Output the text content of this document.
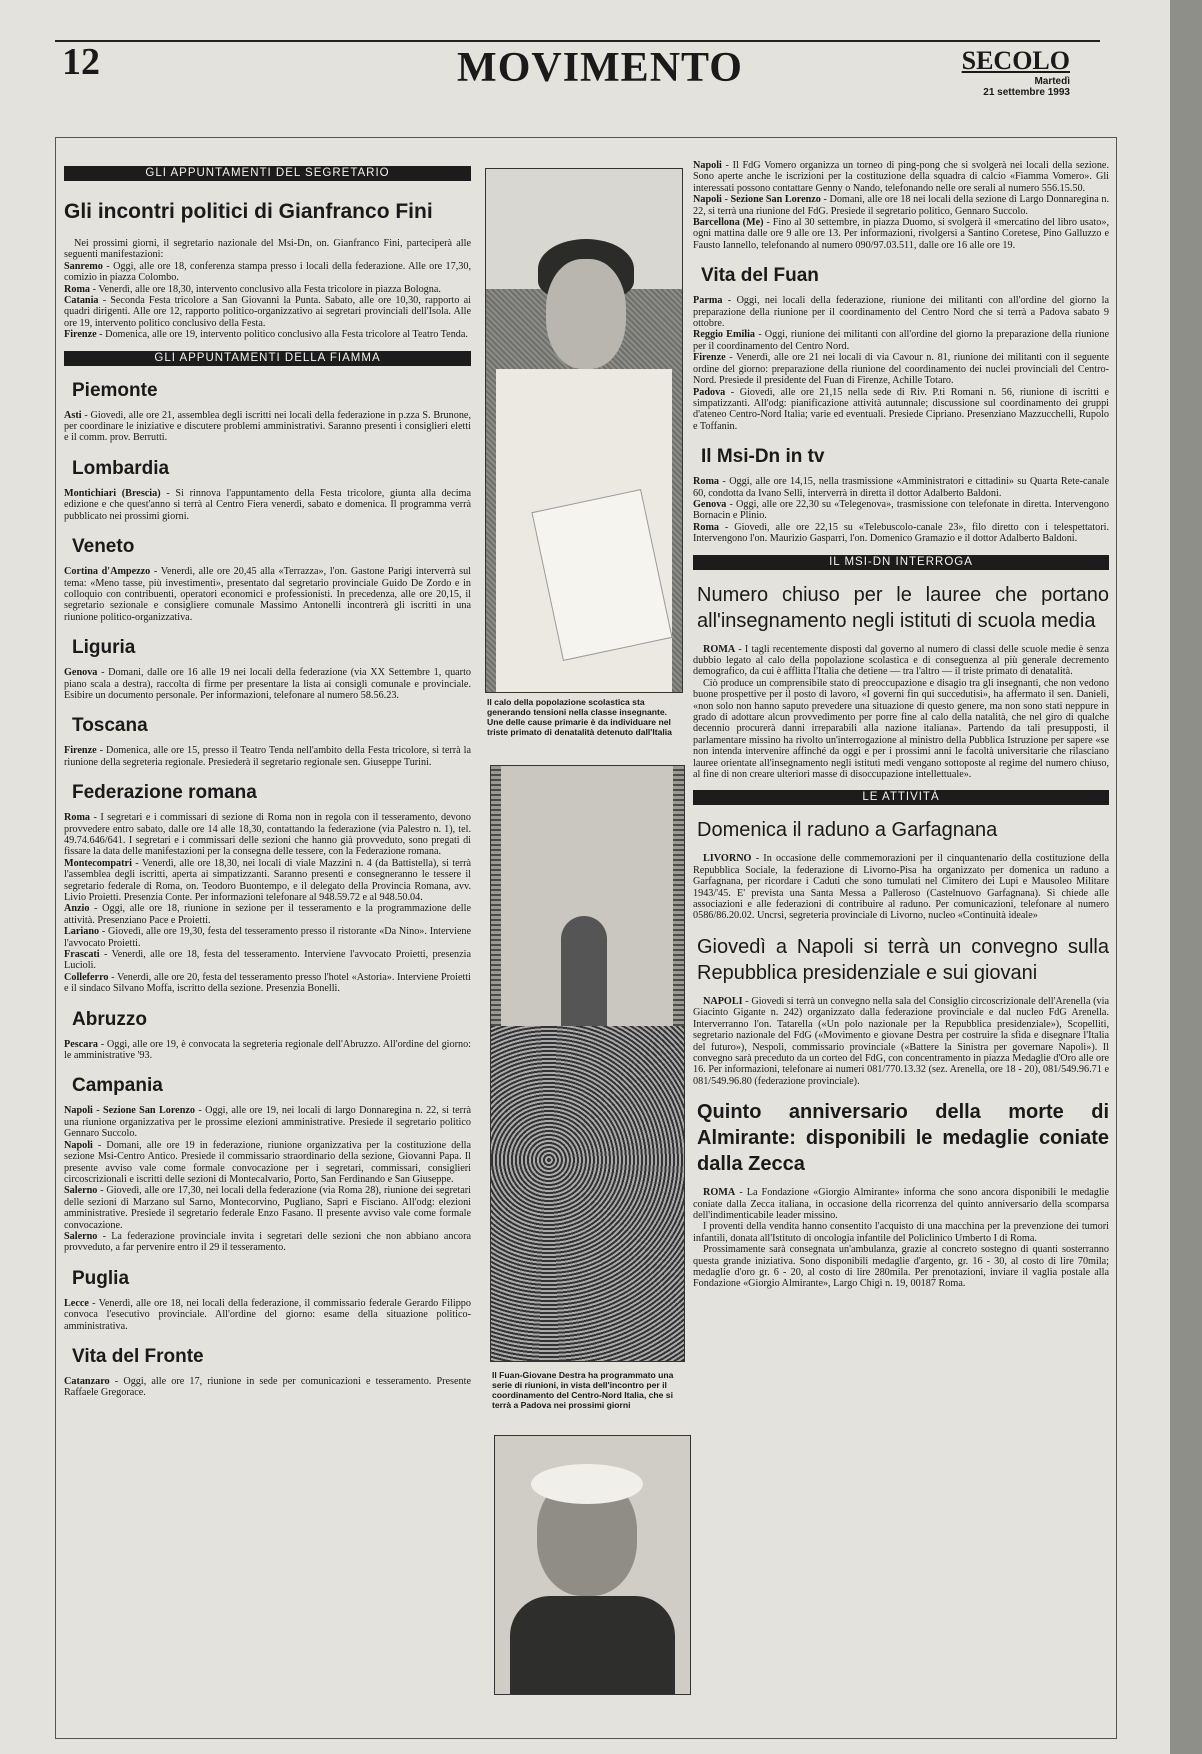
12	MOVIMENTO	SECOLO
Martedì
21 settembre 1993
GLI APPUNTAMENTI DEL SEGRETARIO
Gli incontri politici di Gianfranco Fini

Nei prossimi giorni, il segretario nazionale del Msi-Dn, on. Gianfranco Fini, parteciperà alle seguenti manifestazioni:

Sanremo - Oggi, alle ore 18, conferenza stampa presso i locali della federazione. Alle ore 17,30, comizio in piazza Colombo.

Roma - Venerdì, alle ore 18,30, intervento conclusivo alla Festa tricolore in piazza Bologna.

Catania - Seconda Festa tricolore a San Giovanni la Punta. Sabato, alle ore 10,30, rapporto ai quadri dirigenti. Alle ore 12, rapporto politico-organizzativo ai segretari provinciali dell'Isola. Alle ore 19, intervento politico conclusivo della Festa.

Firenze - Domenica, alle ore 19, intervento politico conclusivo alla Festa tricolore al Teatro Tenda.

GLI APPUNTAMENTI DELLA FIAMMA
Piemonte

Asti - Giovedì, alle ore 21, assemblea degli iscritti nei locali della federazione in p.zza S. Brunone, per coordinare le iniziative e discutere problemi amministrativi. Saranno presenti i consiglieri eletti e il comm. prov. Berrutti.

Lombardia

Montichiari (Brescia) - Si rinnova l'appuntamento della Festa tricolore, giunta alla decima edizione e che quest'anno si terrà al Centro Fiera venerdì, sabato e domenica. Il programma verrà pubblicato nei prossimi giorni.

Veneto

Cortina d'Ampezzo - Venerdì, alle ore 20,45 alla «Terrazza», l'on. Gastone Parigi interverrà sul tema: «Meno tasse, più investimenti», presentato dal segretario provinciale Guido De Zordo e in colloquio con contribuenti, operatori economici e professionisti. In precedenza, alle ore 20,15, il segretario sezionale e consigliere comunale Massimo Antonelli incontrerà gli iscritti in una riunione politico-organizzativa.

Liguria

Genova - Domani, dalle ore 16 alle 19 nei locali della federazione (via XX Settembre 1, quarto piano scala a destra), raccolta di firme per presentare la lista ai consigli comunale e provinciale. Esibire un documento personale. Per informazioni, telefonare al numero 58.56.23.

Toscana

Firenze - Domenica, alle ore 15, presso il Teatro Tenda nell'ambito della Festa tricolore, si terrà la riunione della segreteria regionale. Presiederà il segretario regionale sen. Giuseppe Turini.

Federazione romana

Roma - I segretari e i commissari di sezione di Roma non in regola con il tesseramento, devono provvedere entro sabato, dalle ore 14 alle 18,30, contattando la federazione (via Palestro n. 1), tel. 49.74.646/641. I segretari e i commissari delle sezioni che hanno già provveduto, sono pregati di fissare la data delle manifestazioni per la consegna delle tessere, con la Federazione romana.

Montecompatri - Venerdì, alle ore 18,30, nei locali di viale Mazzini n. 4 (da Battistella), si terrà l'assemblea degli iscritti, aperta ai simpatizzanti. Saranno presenti e consegneranno le tessere il segretario federale di Roma, on. Teodoro Buontempo, e il delegato della Provincia Romana, avv. Livio Proietti. Presenzia Conte. Per informazioni telefonare al 948.59.72 e al 948.50.04.

Anzio - Oggi, alle ore 18, riunione in sezione per il tesseramento e la programmazione delle attività. Presenziano Pace e Proietti.

Lariano - Giovedì, alle ore 19,30, festa del tesseramento presso il ristorante «Da Nino». Interviene l'avvocato Proietti.

Frascati - Venerdì, alle ore 18, festa del tesseramento. Interviene l'avvocato Proietti, presenzia Lucioli.

Colleferro - Venerdì, alle ore 20, festa del tesseramento presso l'hotel «Astoria». Interviene Proietti e il sindaco Silvano Moffa, iscritto della sezione. Presenzia Bonelli.

Abruzzo

Pescara - Oggi, alle ore 19, è convocata la segreteria regionale dell'Abruzzo. All'ordine del giorno: le amministrative '93.

Campania

Napoli - Sezione San Lorenzo - Oggi, alle ore 19, nei locali di largo Donnaregina n. 22, si terrà una riunione organizzativa per le prossime elezioni amministrative. Presiede il segretario politico Gennaro Succolo.

Napoli - Domani, alle ore 19 in federazione, riunione organizzativa per la costituzione della sezione Msi-Centro Antico. Presiede il commissario straordinario della sezione, Giovanni Papa. Il presente avviso vale come formale convocazione per i segretari, commissari, consiglieri circoscrizionali e iscritti delle sezioni di Montecalvario, Porto, San Ferdinando e San Giuseppe.

Salerno - Giovedì, alle ore 17,30, nei locali della federazione (via Roma 28), riunione dei segretari delle sezioni di Marzano sul Sarno, Montecorvino, Pugliano, Sapri e Fisciano. All'odg: elezioni amministrative. Presiede il segretario federale Enzo Fasano. Il presente avviso vale come formale convocazione.

Salerno - La federazione provinciale invita i segretari delle sezioni che non abbiano ancora provveduto, a far pervenire entro il 29 il tesseramento.

Puglia

Lecce - Venerdì, alle ore 18, nei locali della federazione, il commissario federale Gerardo Filippo convoca l'esecutivo provinciale. All'ordine del giorno: esame della situazione politico-amministrativa.

Vita del Fronte

Catanzaro - Oggi, alle ore 17, riunione in sede per comunicazioni e tesseramento. Presente Raffaele Gregorace.

Il calo della popolazione scolastica sta generando tensioni nella classe insegnante. Une delle cause primarie è da individuare nel triste primato di denatalità detenuto dall'Italia
Il Fuan-Giovane Destra ha programmato una serie di riunioni, in vista dell'incontro per il coordinamento del Centro-Nord Italia, che si terrà a Padova nei prossimi giorni

Napoli - Il FdG Vomero organizza un torneo di ping-pong che si svolgerà nei locali della sezione. Sono aperte anche le iscrizioni per la costituzione della squadra di calcio «Fiamma Vomero». Gli interessati possono contattare Genny o Nando, telefonando nelle ore serali al numero 556.15.50.

Napoli - Sezione San Lorenzo - Domani, alle ore 18 nei locali della sezione di Largo Donnaregina n. 22, si terrà una riunione del FdG. Presiede il segretario politico, Gennaro Succolo.

Barcellona (Me) - Fino al 30 settembre, in piazza Duomo, si svolgerà il «mercatino del libro usato», ogni mattina dalle ore 9 alle ore 13. Per informazioni, rivolgersi a Santino Coretese, Pino Galluzzo e Fausto Iannello, telefonando al numero 090/97.03.511, dalle ore 16 alle ore 19.

Vita del Fuan

Parma - Oggi, nei locali della federazione, riunione dei militanti con all'ordine del giorno la preparazione della riunione per il coordinamento del Centro Nord che si terrà a Padova sabato 9 ottobre.

Reggio Emilia - Oggi, riunione dei militanti con all'ordine del giorno la preparazione della riunione per il coordinamento del Centro Nord.

Firenze - Venerdì, alle ore 21 nei locali di via Cavour n. 81, riunione dei militanti con il seguente ordine del giorno: preparazione della riunione del coordinamento dei nuclei provinciali del Centro-Nord. Presiede il presidente del Fuan di Firenze, Achille Totaro.

Padova - Giovedì, alle ore 21,15 nella sede di Riv. P.ti Romani n. 56, riunione di iscritti e simpatizzanti. All'odg: pianificazione attività autunnale; discussione sul coordinamento dei gruppi d'ateneo Centro-Nord Italia; varie ed eventuali. Presiede Cipriano. Presenziano Mazzucchelli, Rupolo e Toffanin.

Il Msi-Dn in tv

Roma - Oggi, alle ore 14,15, nella trasmissione «Amministratori e cittadini» su Quarta Rete-canale 60, condotta da Ivano Selli, interverrà in diretta il dottor Adalberto Baldoni.

Genova - Oggi, alle ore 22,30 su «Telegenova», trasmissione con telefonate in diretta. Intervengono Bornacin e Plinio.

Roma - Giovedì, alle ore 22,15 su «Telebuscolo-canale 23», filo diretto con i telespettatori. Intervengono l'on. Maurizio Gasparri, l'on. Domenico Gramazio e il dottor Adalberto Baldoni.

IL MSI-DN INTERROGA
Numero chiuso per le lauree che portano all'insegnamento negli istituti di scuola media

ROMA - I tagli recentemente disposti dal governo al numero di classi delle scuole medie è senza dubbio legato al calo della popolazione scolastica e di conseguenza al più generale decremento demografico, da cui è afflitta l'Italia che detiene — tra l'altro — il triste primato di denatalità.

Ciò produce un comprensibile stato di preoccupazione e disagio tra gli insegnanti, che non vedono buone prospettive per il posto di lavoro, «I governi fin qui succedutisi», ha affermato il sen. Danieli, «non solo non hanno saputo prevedere una situazione di questo genere, ma non sono stati neppure in grado di adottare alcun provvedimento per porre fine al calo della natalità, che nel giro di qualche decennio procurerà danni irreparabili alla nazione italiana». Partendo da tali presupposti, il parlamentare missino ha rivolto un'interrogazione al ministro della Pubblica Istruzione per sapere «se non intenda intervenire affinché da oggi e per i prossimi anni le facoltà universitarie che rilasciano lauree orientate all'insegnamento negli istituti medi vengano sottoposte al regime del numero chiuso, al fine di non creare ulteriori masse di disoccupazione intellettuale».

LE ATTIVITÀ
Domenica il raduno a Garfagnana

LIVORNO - In occasione delle commemorazioni per il cinquantenario della costituzione della Repubblica Sociale, la federazione di Livorno-Pisa ha organizzato per domenica un raduno a Garfagnana, per ricordare i Caduti che sono tumulati nel Cimitero dei Lupi e Mausoleo Militare 1943/'45. E' prevista una Santa Messa a Palleroso (Castelnuovo Garfagnana). Si chiede alle associazioni e alle federazioni di contribuire al raduno. Per comunicazioni, telefonare al numero 0586/86.20.02. Uncrsi, segreteria provinciale di Livorno, nucleo «Continuità ideale»

Giovedì a Napoli si terrà un convegno sulla Repubblica presidenziale e sui giovani

NAPOLI - Giovedì si terrà un convegno nella sala del Consiglio circoscrizionale dell'Arenella (via Giacinto Gigante n. 242) organizzato dalla federazione provinciale e dal nucleo FdG Arenella. Interverranno l'on. Tatarella («Un polo nazionale per la Repubblica presidenziale»), Scopelliti, segretario nazionale del FdG («Movimento e giovane Destra per costruire la sfida e disegnare l'Italia del futuro»), Nespoli, commissario provinciale («Battere la Sinistra per governare Napoli»). Il convegno sarà preceduto da un corteo del FdG, con concentramento in piazza Medaglie d'Oro alle ore 16. Per informazioni, telefonare ai numeri 081/770.13.32 (sez. Arenella, ore 18 - 20), 081/549.96.71 e 081/549.96.80 (federazione provinciale).

Quinto anniversario della morte di Almirante: disponibili le medaglie coniate dalla Zecca

ROMA - La Fondazione «Giorgio Almirante» informa che sono ancora disponibili le medaglie coniate dalla Zecca italiana, in occasione della ricorrenza del quinto anniversario della scomparsa dell'indimenticabile leader missino.

I proventi della vendita hanno consentito l'acquisto di una macchina per la prevenzione dei tumori infantili, donata all'Istituto di oncologia infantile del Policlinico Umberto I di Roma.

Prossimamente sarà consegnata un'ambulanza, grazie al concreto sostegno di quanti sosterranno questa grande iniziativa. Sono disponibili medaglie d'argento, gr. 16 - 30, al costo di lire 70mila; medaglie d'oro gr. 6 - 20, al costo di lire 280mila. Per prenotazioni, inviare il vaglia postale alla Fondazione «Giorgio Almirante», Largo Chigi n. 19, 00187 Roma.
